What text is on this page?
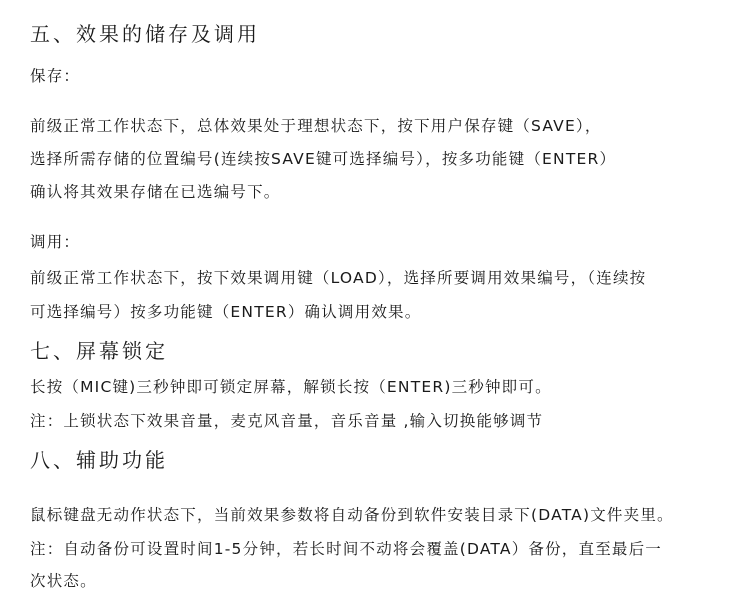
五、效果的储存及调用
保存：
前级正常工作状态下，总体效果处于理想状态下，按下用户保存键（SAVE），
选择所需存储的位置编号(连续按SAVE键可选择编号），按多功能键（ENTER）
确认将其效果存储在已选编号下。
调用：
前级正常工作状态下，按下效果调用键（LOAD），选择所要调用效果编号，（连续按
可选择编号）按多功能键（ENTER）确认调用效果。
七、屏幕锁定
长按（MIC键)三秒钟即可锁定屏幕，解锁长按（ENTER)三秒钟即可。
注：上锁状态下效果音量，麦克风音量，音乐音量 ,输入切换能够调节
八、辅助功能
鼠标键盘无动作状态下，当前效果参数将自动备份到软件安装目录下(DATA)文件夹里。
注：自动备份可设置时间1-5分钟，若长时间不动将会覆盖(DATA）备份，直至最后一
次状态。
